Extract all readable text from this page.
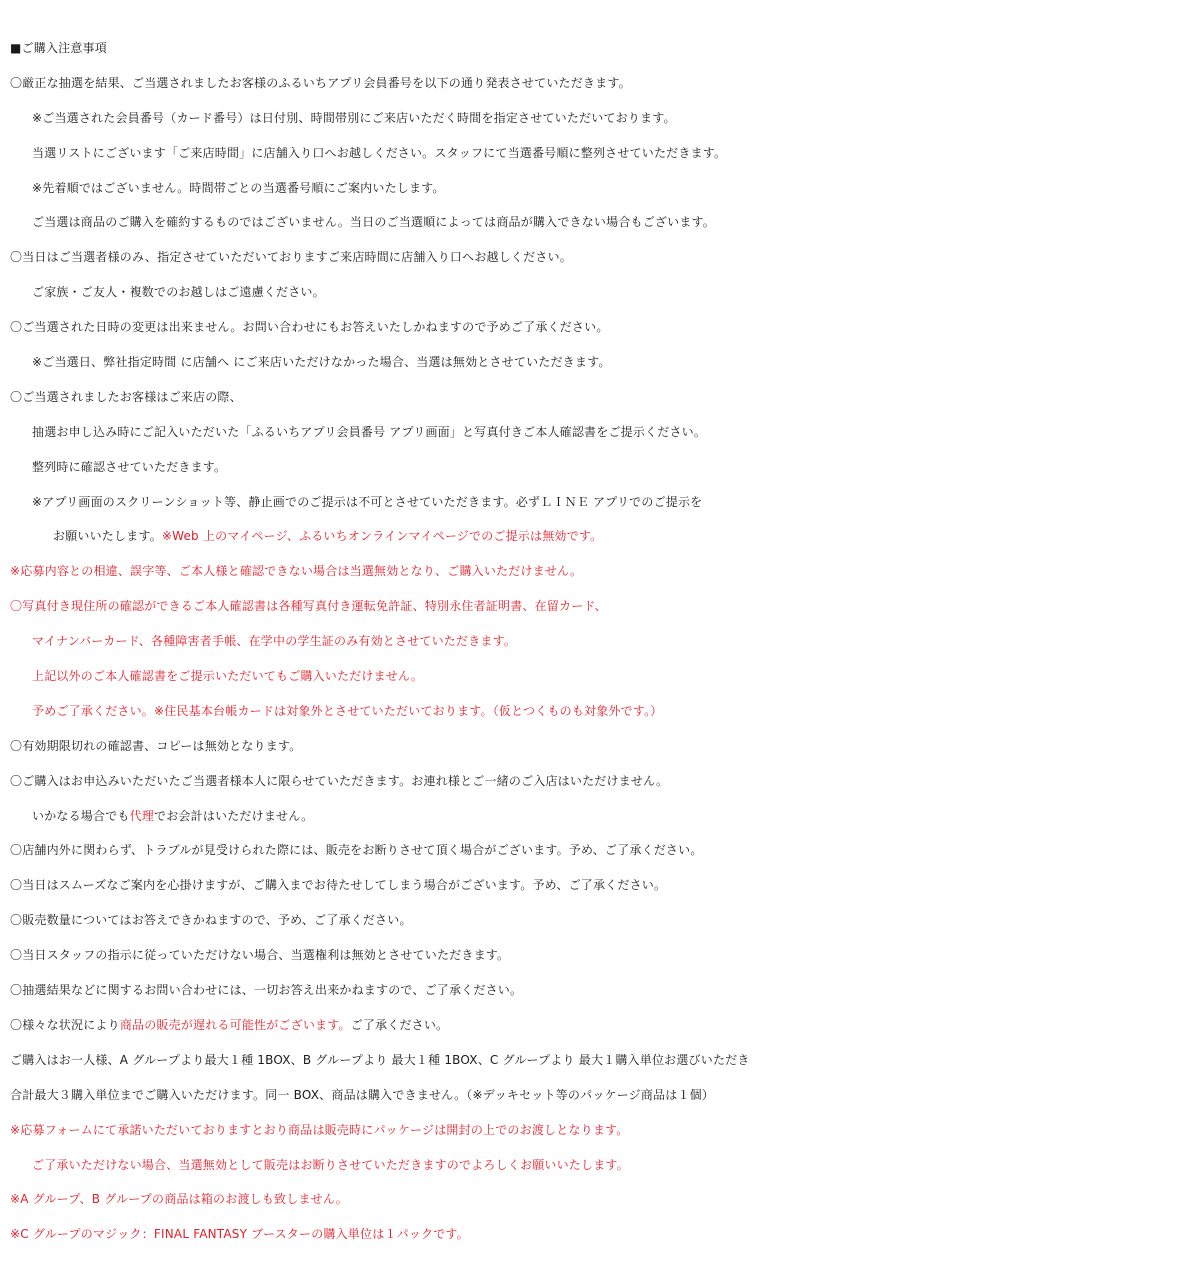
■ご購入注意事項
〇厳正な抽選を結果、ご当選されましたお客様のふるいちアプリ会員番号を以下の通り発表させていただきます。
※ご当選された会員番号（カード番号）は日付別、時間帯別にご来店いただく時間を指定させていただいております。
当選リストにございます「ご来店時間」に店舗入り口へお越しください。スタッフにて当選番号順に整列させていただきます。
※先着順ではございません。時間帯ごとの当選番号順にご案内いたします。
ご当選は商品のご購入を確約するものではございません。当日のご当選順によっては商品が購入できない場合もございます。
〇当日はご当選者様のみ、指定させていただいておりますご来店時間に店舗入り口へお越しください。
ご家族・ご友人・複数でのお越しはご遠慮ください。
〇ご当選された日時の変更は出来ません。お問い合わせにもお答えいたしかねますので予めご了承ください。
※ご当選日、弊社指定時間 に店舗へ にご来店いただけなかった場合、当選は無効とさせていただきます。
〇ご当選されましたお客様はご来店の際、
抽選お申し込み時にご記入いただいた「ふるいちアプリ会員番号 アプリ画面」と写真付きご本人確認書をご提示ください。
整列時に確認させていただきます。
※アプリ画面のスクリーンショット等、静止画でのご提示は不可とさせていただきます。必ずＬＩＮＥ アプリでのご提示を
お願いいたします。※Web 上のマイページ、ふるいちオンラインマイページでのご提示は無効です。
※応募内容との相違、誤字等、ご本人様と確認できない場合は当選無効となり、ご購入いただけません。
〇写真付き現住所の確認ができるご本人確認書は各種写真付き運転免許証、特別永住者証明書、在留カード、
マイナンバーカード、各種障害者手帳、在学中の学生証のみ有効とさせていただきます。
上記以外のご本人確認書をご提示いただいてもご購入いただけません。
予めご了承ください。※住民基本台帳カードは対象外とさせていただいております。（仮とつくものも対象外です。）
〇有効期限切れの確認書、コピーは無効となります。
〇ご購入はお申込みいただいたご当選者様本人に限らせていただきます。お連れ様とご一緒のご入店はいただけません。
いかなる場合でも代理でお会計はいただけません。
〇店舗内外に関わらず、トラブルが見受けられた際には、販売をお断りさせて頂く場合がございます。予め、ご了承ください。
〇当日はスムーズなご案内を心掛けますが、ご購入までお待たせしてしまう場合がございます。予め、ご了承ください。
〇販売数量についてはお答えできかねますので、予め、ご了承ください。
〇当日スタッフの指示に従っていただけない場合、当選権利は無効とさせていただきます。
〇抽選結果などに関するお問い合わせには、一切お答え出来かねますので、ご了承ください。
〇様々な状況により商品の販売が遅れる可能性がございます。ご了承ください。
ご購入はお一人様、A グループより最大１種 1BOX、B グループより 最大１種 1BOX、C グループより 最大１購入単位お選びいただき
合計最大３購入単位までご購入いただけます。同一 BOX、商品は購入できません。（※デッキセット等のパッケージ商品は１個）
※応募フォームにて承諾いただいておりますとおり商品は販売時にパッケージは開封の上でのお渡しとなります。
ご了承いただけない場合、当選無効として販売はお断りさせていただきますのでよろしくお願いいたします。
※A グループ、B グループの商品は箱のお渡しも致しません。
※C グループのマジック：FINAL FANTASY ブースターの購入単位は１パックです。
